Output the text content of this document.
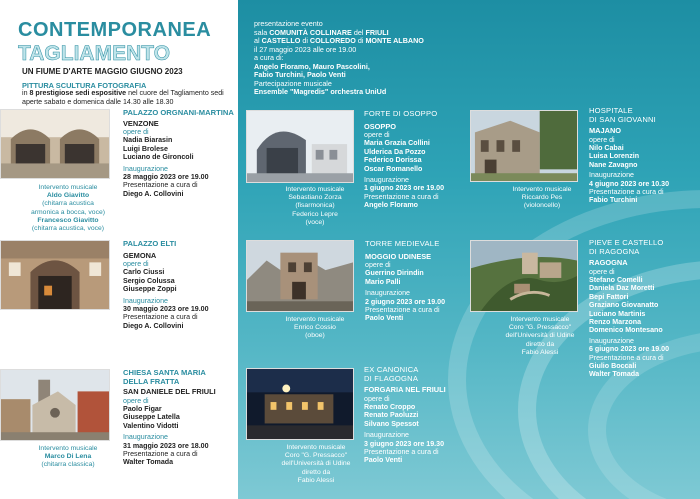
CONTEMPORANEA
TAGLIAMENTO
UN FIUME D'ARTE MAGGIO GIUGNO 2023
PITTURA SCULTURA FOTOGRAFIA
in 8 prestigiose sedi espositive nel cuore del Tagliamento sedi aperte sabato e domenica dalle 14.30 alle 18.30
presentazione evento
sala COMUNITÀ COLLINARE del FRIULI
al CASTELLO di COLLOREDO di MONTE ALBANO
il 27 maggio 2023 alle ore 19.00
a cura di:
Angelo Floramo, Mauro Pascolini,
Fabio Turchini, Paolo Venti
Partecipazione musicale
Ensemble "Magredis" orchestra UniUd
PALAZZO ORGNANI-MARTINA
VENZONE
opere di
Nadia Biarasin
Luigi Brolese
Luciano de Gironcoli
Inaugurazione
28 maggio 2023 ore 19.00
Presentazione a cura di
Diego A. Collovini
Intervento musicale
Aldo Giavitto
(chitarra acustica
armonica a bocca, voce)
Francesco Giavitto
(chitarra acustica, voce)
PALAZZO ELTI
GEMONA
opere di
Carlo Ciussi
Sergio Colussa
Giuseppe Zoppi
Inaugurazione
30 maggio 2023 ore 19.00
Presentazione a cura di
Diego A. Collovini
CHIESA SANTA MARIA
DELLA FRATTA
SAN DANIELE DEL FRIULI
opere di
Paolo Figar
Giuseppe Latella
Valentino Vidotti
Inaugurazione
31 maggio 2023 ore 18.00
Presentazione a cura di
Walter Tomada
Intervento musicale
Marco Di Lena
(chitarra classica)
FORTE DI OSOPPO
OSOPPO
opere di
Maria Grazia Collini
Ulderica Da Pozzo
Federico Dorissa
Oscar Romanello
Inaugurazione
1 giugno 2023 ore 19.00
Presentazione a cura di
Angelo Floramo
Intervento musicale
Sebastiano Zorza
(fisarmonica)
Federico Lepre
(voce)
HOSPITALE
DI SAN GIOVANNI
MAJANO
opere di
Nilo Cabai
Luisa Lorenzin
Nane Zavagno
Inaugurazione
4 giugno 2023 ore 10.30
Presentazione a cura di
Fabio Turchini
Intervento musicale
Riccardo Pes
(violoncello)
TORRE MEDIEVALE
MOGGIO UDINESE
opere di
Guerrino Dirindin
Mario Palli
Inaugurazione
2 giugno 2023 ore 19.00
Presentazione a cura di
Paolo Venti
Intervento musicale
Enrico Cossio
(oboe)
PIEVE E CASTELLO
DI RAGOGNA
RAGOGNA
opere di
Stefano Comelli
Daniela Daz Moretti
Bepi Fattori
Graziano Giovanatto
Luciano Martinis
Renzo Marzona
Domenico Montesano
Inaugurazione
6 giugno 2023 ore 19.00
Presentazione a cura di
Giulio Boccali
Walter Tomada
Intervento musicale
Coro "G. Pressacco"
dell'Università di Udine
diretto da
Fabio Alessi
EX CANONICA
DI FLAGOGNA
FORGARIA NEL FRIULI
opere di
Renato Croppo
Renato Paoluzzi
Silvano Spessot
Inaugurazione
3 giugno 2023 ore 19.30
Presentazione a cura di
Paolo Venti
Intervento musicale
Coro "G. Pressacco"
dell'Università di Udine
diretto da
Fabio Alessi
